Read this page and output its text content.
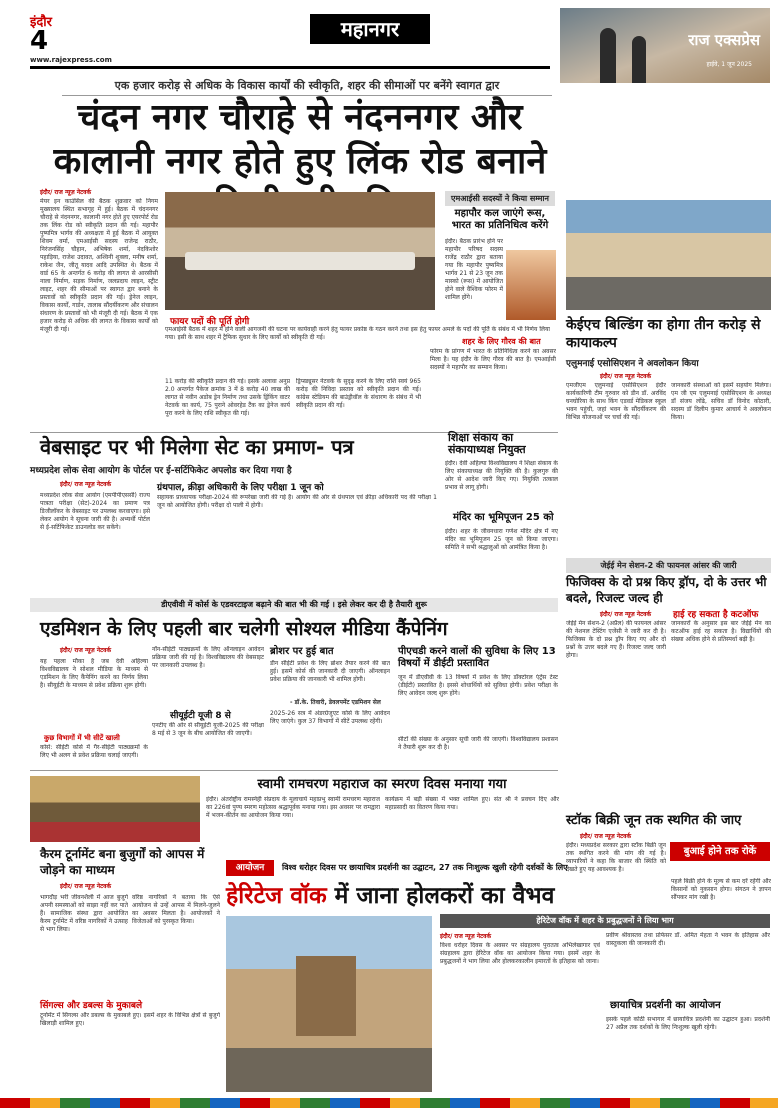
इंदौर
4
www.rajexpress.com
महानगर	राज एक्सप्रेस
हाईवे, 1 जून 2025
एक हजार करोड़ से अधिक के विकास कार्यों की स्वीकृति, शहर की सीमाओं पर बनेंगे स्वागत द्वार
चंदन नगर चौराहे से नंदननगर और कालानी नगर होते हुए लिंक रोड बनाने
इंदौर/ राज न्यूज़ नेटवर्क
मेयर इन काउंसिल की बैठक शुक्रवार को निगम मुख्यालय स्थित सभागृह में हुई। बैठक में चंदननगर चौराहे से नंदननगर, कालानी नगर होते हुए एयरपोर्ट रोड तक लिंक रोड को स्वीकृति प्रदान की गई। महापौर पुष्यमित्र भार्गव की अध्यक्षता में हुई बैठक में आयुक्त शिवम वर्मा, एमआईसी सदस्य राजेन्द्र राठौर, निरंजनसिंह चौहान, अभिषेक शर्मा, नंदकिशोर पहाड़िया, राजेश उदावत, अश्विनी शुक्ला, मनीष शर्मा, राकेश जैन, जीतू यादव आदि उपस्थित थे। बैठक में वार्ड 65 के अन्तर्गत 6 करोड़ की लागत से आरसीसी नाला निर्माण, सड़क निर्माण, जलप्रदाय लाइन, स्ट्रीट लाइट, शहर की सीमाओं पर स्वागत द्वार बनाने के प्रस्तावों को स्वीकृति प्रदान की गई। ड्रेनेज लाइन, विकास कार्यों, गार्डन, तालाब सौंदर्यीकरण और संचालन संधारण के प्रस्तावों को भी मंजूरी दी गई। बैठक में एक हजार करोड़ से अधिक की लागत के विकास कार्यों को मंजूरी दी गई।
फायर पदों की पूर्ति होगी
एमआईसी बैठक में शहर में होने वाली आगजनी की घटना पर कार्यवाही करने हेतु फायर प्रकोष्ठ के गठन करने तथा इस हेतु फायर अमले के पदों की पूर्ति के संबंध में भी निर्णय लिया गया। इसी के साथ शहर में ट्रैफिक सुधार के लिए कार्यों को स्वीकृति दी गई।
11 करोड़ की स्वीकृति प्रदान की गई। इसके अलावा अनुप्र 2.0 अन्तर्गत पैकेज क्रमांक 3 में 8 करोड़ 40 लाख की लागत से नवीन अडोब ड्रेन निर्माण तथा उसके ड्रिंकिंग वाटर नेटवर्क का कार्य, 75 पुराने ओवरहेड टैंक का ड्रेनेज कार्य पूरा करने के लिए राशि स्वीकृत की गई।
ड्रिप्स्ड्यूसर नेटवर्क के सुदृढ़ करने के लिए राशि स्वयं 965 करोड़ की निविदा प्रस्ताव को स्वीकृति प्रदान की गई। कांग्रेस स्टेडियम की बाउंड्रीवॉल के संधारण के संबंध में भी स्वीकृति प्रदान की गई।
एमआईसी सदस्यों ने किया सम्मान
महापौर कल जाएंगे रूस, भारत का प्रतिनिधित्व करेंगे
इंदौर। बैठक प्रारंभ होने पर महापौर परिषद सदस्य राजेंद्र राठौर द्वारा बताया गया कि महापौर पुष्यमित्र भार्गव 21 से 23 जून तक मास्को (रूस) में आयोजित होने वाले वैश्विक फोरम में शामिल होंगे।
शहर के लिए गौरव की बात
फोरम के प्रांगण में भारत के प्रतिनिधित्व करने का अवसर मिला है। यह इंदौर के लिए गौरव की बात है। एमआईसी सदस्यों ने महापौर का सम्मान किया।
केईएच बिल्डिंग का होगा तीन करोड़ से कायाकल्प
एलुमनाई एसोसिएशन ने अवलोकन किया
इंदौर/ राज न्यूज़ नेटवर्क
एमजीएम एलुमनाई एसोसिएशन इंदौर कार्यकारिणी टीम गुरुवार को डीन डॉ. अरविंद घनघोरिया के साथ किंग एडवर्ड मेडिकल स्कूल भवन पहुंची, जहां भवन के सौंदर्यीकरण की विभिन्न योजनाओं पर चर्चा की गई।
जानकारी संस्थाओं को इसमें सहयोग मिलेगा। एम जी एम एलुमनाई एसोसिएशन के अध्यक्ष डॉ संजय लोंढे, सचिव डॉ विनोद कोठारी, सदस्य डॉ दिलीप कुमार आचार्य ने अवलोकन किया।
वेबसाइट पर भी मिलेगा सेट का प्रमाण- पत्र
मध्यप्रदेश लोक सेवा आयोग के पोर्टल पर ई-सर्टिफिकेट अपलोड कर दिया गया है
इंदौर/ राज न्यूज़ नेटवर्क
मध्यप्रदेश लोक सेवा आयोग (एमपीपीएससी) राज्य पात्रता परीक्षा (सेट)-2024 का प्रमाण पत्र डिजीलॉकर के वेबसाइट पर उपलब्ध करवाएगा। इसे लेकर आयोग ने सूचना जारी की है। अभ्यर्थी पोर्टल से ई-सर्टिफिकेट डाउनलोड कर सकेंगे।
ग्रंथपाल, क्रीड़ा अधिकारी के लिए परीक्षा 1 जून को
सहायक प्राध्यापक परीक्षा-2024 की रूपरेखा जारी की गई है। आयोग की ओर से ग्रंथपाल एवं क्रीड़ा अधिकारी पद की परीक्षा 1 जून को आयोजित होगी। परीक्षा दो पाली में होगी।
शिक्षा संकाय का संकायाध्यक्ष नियुक्त
इंदौर। देवी अहिल्या विश्वविद्यालय ने शिक्षा संकाय के लिए संकायाध्यक्ष की नियुक्ति की है। कुलगुरु की ओर से आदेश जारी किए गए। नियुक्ति तत्काल प्रभाव से लागू होगी।
मंदिर का भूमिपूजन 25 को
इंदौर। शहर के जीवनधारा गणेश मंदिर क्षेत्र में नए मंदिर का भूमिपूजन 25 जून को किया जाएगा। समिति ने सभी श्रद्धालुओं को आमंत्रित किया है।
जेईई मेन सेशन-2 की फायनल आंसर की जारी
फिजिक्स के दो प्रश्न किए ड्रॉप, दो के उत्तर भी बदले, रिजल्ट जल्द ही
इंदौर/ राज न्यूज़ नेटवर्क
जेईई मेन सेशन-2 (अप्रैल) की फायनल आंसर की नेशनल टेस्टिंग एजेंसी ने जारी कर दी है। फिजिक्स के दो प्रश्न ड्रॉप किए गए और दो प्रश्नों के उत्तर बदले गए हैं। रिजल्ट जल्द जारी होगा।
हाई रह सकता है कटऑफ
जानकारों के अनुसार इस बार जेईई मेन का कटऑफ हाई रह सकता है। विद्यार्थियों की संख्या अधिक होने से प्रतिस्पर्धा बढ़ी है।
डीएवीवी में कोर्स के एडवरटाइज बढ़ाने की बात भी की गई । इसे लेकर कर दी है तैयारी शुरू
एडमिशन के लिए पहली बार चलेगी सोश्यल मीडिया कैंपेनिंग
इंदौर/ राज न्यूज़ नेटवर्क
यह पहला मौका है जब देवी अहिल्या विश्वविद्यालय ने सोशल मीडिया के माध्यम से एडमिशन के लिए कैंपेनिंग करने का निर्णय लिया है। सीयूईटी के माध्यम से प्रवेश प्रक्रिया शुरू होगी।
कुछ विभागों में भी सीटें खाली
कोर्स: सीईटी कोर्स में गैर-सीईटी पाठ्यक्रमों के लिए भी अलग से प्रवेश प्रक्रिया चलाई जाएगी।
नॉन-सीईटी पाठ्यक्रमों के लिए ऑनलाइन आवेदन प्रक्रिया जारी की गई है। विश्वविद्यालय की वेबसाइट पर जानकारी उपलब्ध है।
सीयूईटी यूजी 8 से
एनटीए की ओर से सीयूईटी यूजी-2025 की परीक्षा 8 मई से 3 जून के बीच आयोजित की जाएगी।
ब्रोशर पर हुई बात
डीन सीईटी प्रवेश के लिए ब्रोशर तैयार करने की बात हुई। इसमें कोर्स की जानकारी दी जाएगी। ऑनलाइन प्रवेश प्रक्रिया की जानकारी भी शामिल होगी।
- डॉ.के. तिवारी, डेवलपमेंट एडमिशन सेल
2025-26 सत्र में अंडरग्रेजुएट कोर्स के लिए आवेदन लिए जाएंगे। कुल 37 विभागों में सीटें उपलब्ध रहेंगी।
पीएचडी करने वालों की सुविधा के लिए 13 विषयों में डीईटी प्रस्तावित
जून में डीएवीवी के 13 विषयों में प्रवेश के लिए डॉक्टोरल एंट्रेंस टेस्ट (डीईटी) प्रस्तावित है। इससे शोधार्थियों को सुविधा होगी। प्रवेश परीक्षा के लिए आवेदन जल्द शुरू होंगे।
सीटों की संख्या के अनुसार सूची जारी की जाएगी। विश्वविद्यालय प्रशासन ने तैयारी शुरू कर दी है।
स्टॉक बिक्री जून तक स्थगित की जाए
इंदौर/ राज न्यूज़ नेटवर्क
इंदौर। मध्यप्रदेश सरकार द्वारा स्टॉक बिक्री जून तक स्थगित करने की मांग की गई है। व्यापारियों ने कहा कि बाजार की स्थिति को देखते हुए यह आवश्यक है।
बुआई होने तक रोकें
पहले बिक्री होने के मूल्य से कम दरें रहेंगी और किसानों को नुकसान होगा। संगठन ने ज्ञापन सौंपकर मांग रखी है।
कैरम टूर्नामेंट बना बुजुर्गों को आपस में जोड़ने का माध्यम
इंदौर/ राज न्यूज़ नेटवर्क
भागदौड़ भरी जीवनशैली में आज बुजुर्ग अपनी समस्याओं को साझा नहीं कर पाते हैं। सामाजिक संस्था द्वारा आयोजित कैरम टूर्नामेंट में वरिष्ठ नागरिकों ने उत्साह से भाग लिया।
वरिष्ठ नागरिकों ने बताया कि ऐसे आयोजन से उन्हें आपस में मिलने-जुलने का अवसर मिलता है। आयोजकों ने विजेताओं को पुरस्कृत किया।
सिंगल्स और डबल्स के मुकाबले
टूर्नामेंट में सिंगल्स और डबल्स के मुकाबले हुए। इसमें शहर के विभिन्न क्षेत्रों से बुजुर्ग खिलाड़ी शामिल हुए।
स्वामी रामचरण महाराज का स्मरण दिवस मनाया गया
इंदौर। अंतर्राष्ट्रीय रामस्नेही संप्रदाय के मूलाचार्य महाप्रभु स्वामी रामचरण महाराज का 226वां पुण्य स्मरण महोत्सव श्रद्धापूर्वक मनाया गया। इस अवसर पर रामद्वारा में भजन-कीर्तन का आयोजन किया गया।
कार्यक्रम में बड़ी संख्या में भक्त शामिल हुए। संत श्री ने प्रवचन दिए और महाप्रसादी का वितरण किया गया।
आयोजन	विश्व धरोहर दिवस पर छायाचित्र प्रदर्शनी का उद्घाटन, 27 तक निःशुल्क खुली रहेगी दर्शकों के लिए
हेरिटेज वॉक में जाना होलकरों का वैभव
हेरिटेज वॉक में शहर के प्रबुद्धजनों ने लिया भाग
इंदौर/ राज न्यूज़ नेटवर्क
विश्व धरोहर दिवस के अवसर पर संग्रहालय पुरातत्व अभिलेखागार एवं संग्रहालय द्वारा हेरिटेज वॉक का आयोजन किया गया। इसमें शहर के प्रबुद्धजनों ने भाग लिया और होलकरकालीन इमारतों के इतिहास को जाना।
प्रवीण श्रीवास्तव तथा प्रोफेसर डॉ. अमित मेहता ने भवन के इतिहास और वास्तुकला की जानकारी दी।
छायाचित्र प्रदर्शनी का आयोजन
इसके पहले कोठी सभागार में छायाचित्र प्रदर्शनी का उद्घाटन हुआ। प्रदर्शनी 27 अप्रैल तक दर्शकों के लिए निःशुल्क खुली रहेगी।
